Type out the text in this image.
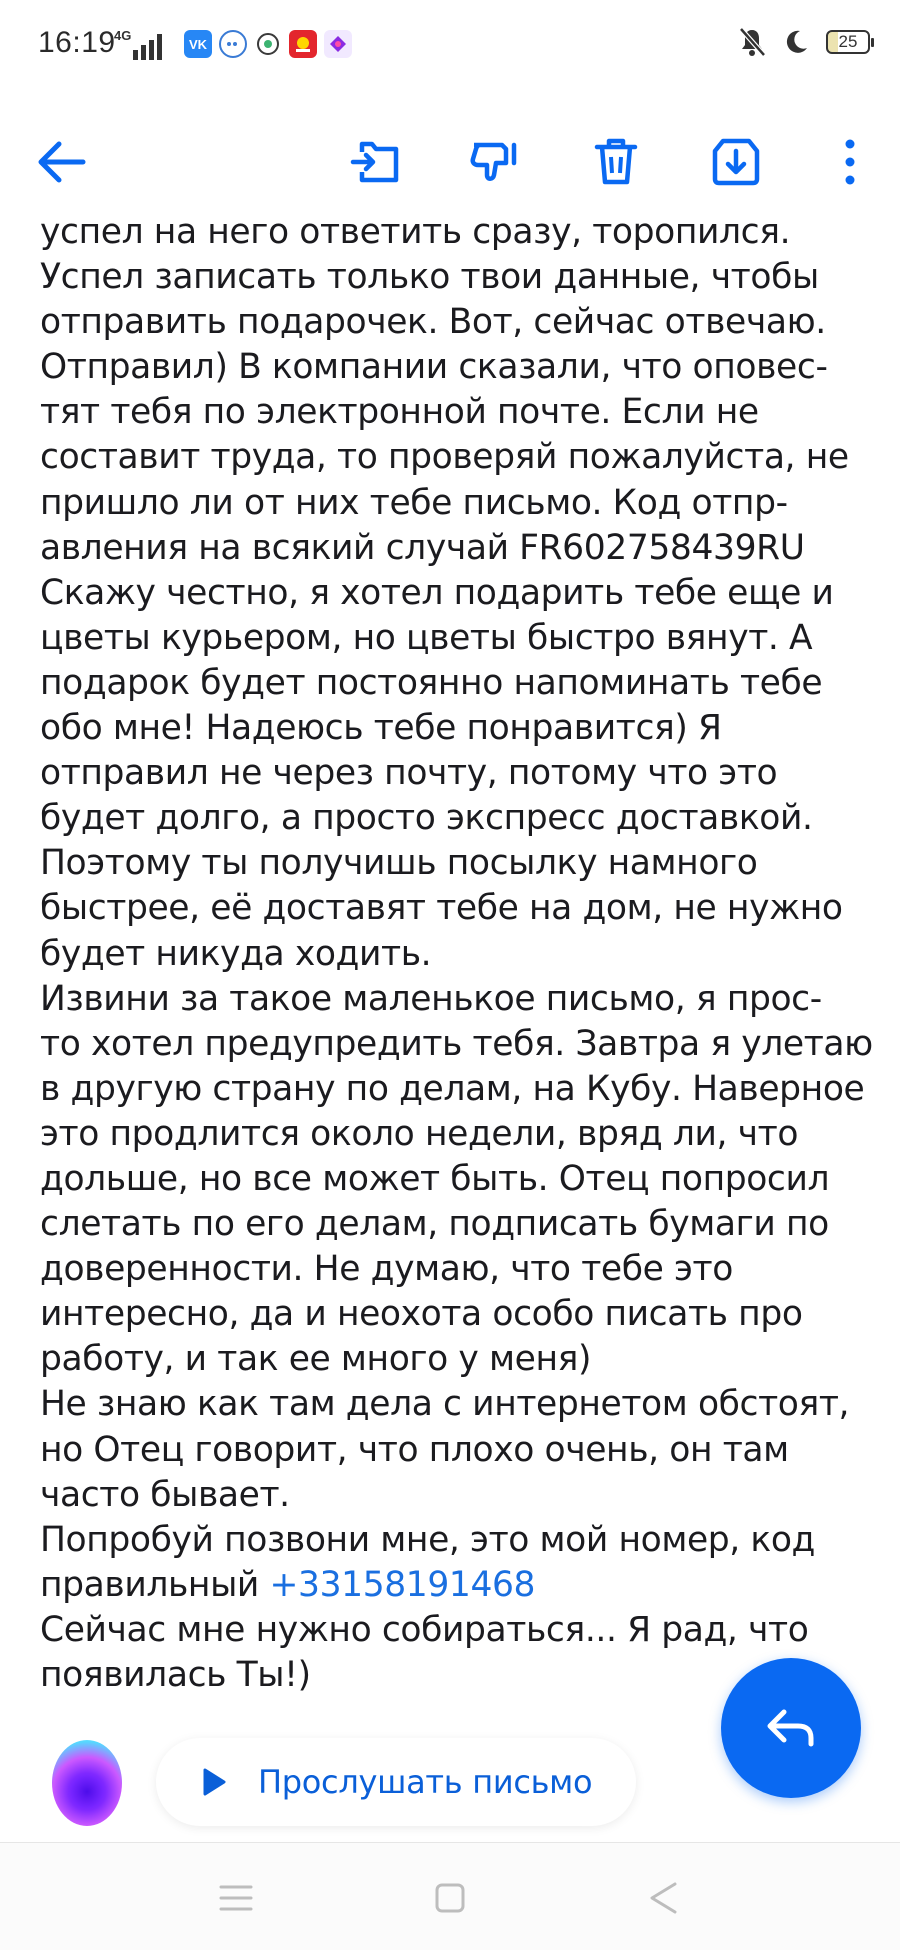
16:19
4G
VK	25
успел на него ответить сразу, торопился.
Успел записать только твои данные, чтобы
отправить подарочек. Вот, сейчас отвечаю.
Отправил) В компании сказали, что оповес-
тят тебя по электронной почте. Если не
составит труда, то проверяй пожалуйста, не
пришло ли от них тебе письмо. Код отпр-
авления на всякий случай FR602758439RU
Скажу честно, я хотел подарить тебе еще и
цветы курьером, но цветы быстро вянут. А
подарок будет постоянно напоминать тебе
обо мне! Надеюсь тебе понравится) Я
отправил не через почту, потому что это
будет долго, а просто экспресс доставкой.
Поэтому ты получишь посылку намного
быстрее, её доставят тебе на дом, не нужно
будет никуда ходить.
Извини за такое маленькое письмо, я прос-
то хотел предупредить тебя. Завтра я улетаю
в другую страну по делам, на Кубу. Наверное
это продлится около недели, вряд ли, что
дольше, но все может быть. Отец попросил
слетать по его делам, подписать бумаги по
доверенности. Не думаю, что тебе это
интересно, да и неохота особо писать про
работу, и так ее много у меня)
Не знаю как там дела с интернетом обстоят,
но Отец говорит, что плохо очень, он там
часто бывает.
Попробуй позвони мне, это мой номер, код
правильный +33158191468
Сейчас мне нужно собираться... Я рад, что
появилась Ты!)
Прослушать письмо
